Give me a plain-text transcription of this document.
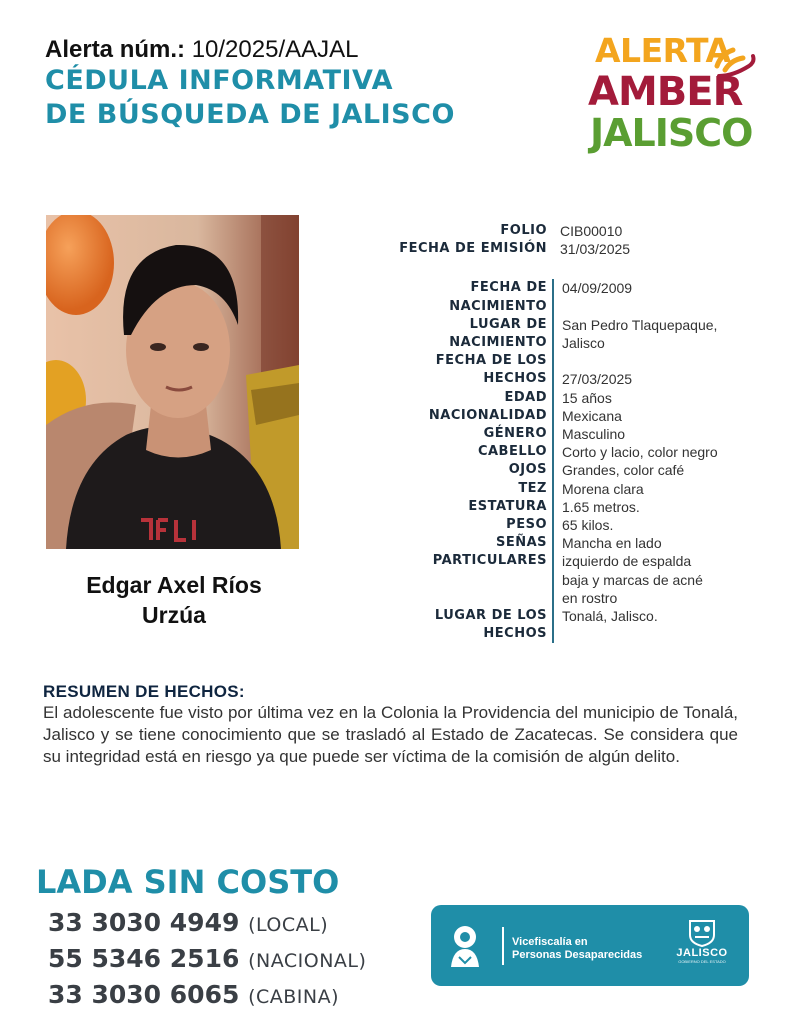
Alerta núm.: 10/2025/AAJAL
CÉDULA INFORMATIVA
DE BÚSQUEDA DE JALISCO
ALERTA
AMBER
JALISCO
Edgar Axel Ríos
Urzúa
FOLIO CIB00010
FECHA DE EMISIÓN 31/03/2025
FECHA DE	04/09/2009
NACIMIENTO
LUGAR DE	San Pedro Tlaquepaque,
NACIMIENTO	Jalisco
FECHA DE LOS
HECHOS	27/03/2025
EDAD	15 años
NACIONALIDAD	Mexicana
GÉNERO	Masculino
CABELLO	Corto y lacio, color negro
OJOS	Grandes, color café
TEZ	Morena clara
ESTATURA	1.65 metros.
PESO	65 kilos.
SEÑAS	Mancha en lado
PARTICULARES	izquierdo de espalda
baja y marcas de acné
en rostro
LUGAR DE LOS	Tonalá, Jalisco.
HECHOS
RESUMEN DE HECHOS:

El adolescente fue visto por última vez en la Colonia la Providencia del municipio de Tonalá, Jalisco y se tiene conocimiento que se trasladó al Estado de Zacatecas. Se considera que su integridad está en riesgo ya que puede ser víctima de la comisión de algún delito.

LADA SIN COSTO
33 3030 4949 (LOCAL)
55 5346 2516 (NACIONAL)
33 3030 6065 (CABINA)
Vicefiscalía en
Personas Desaparecidas	JALISCO
GOBIERNO DEL ESTADO
